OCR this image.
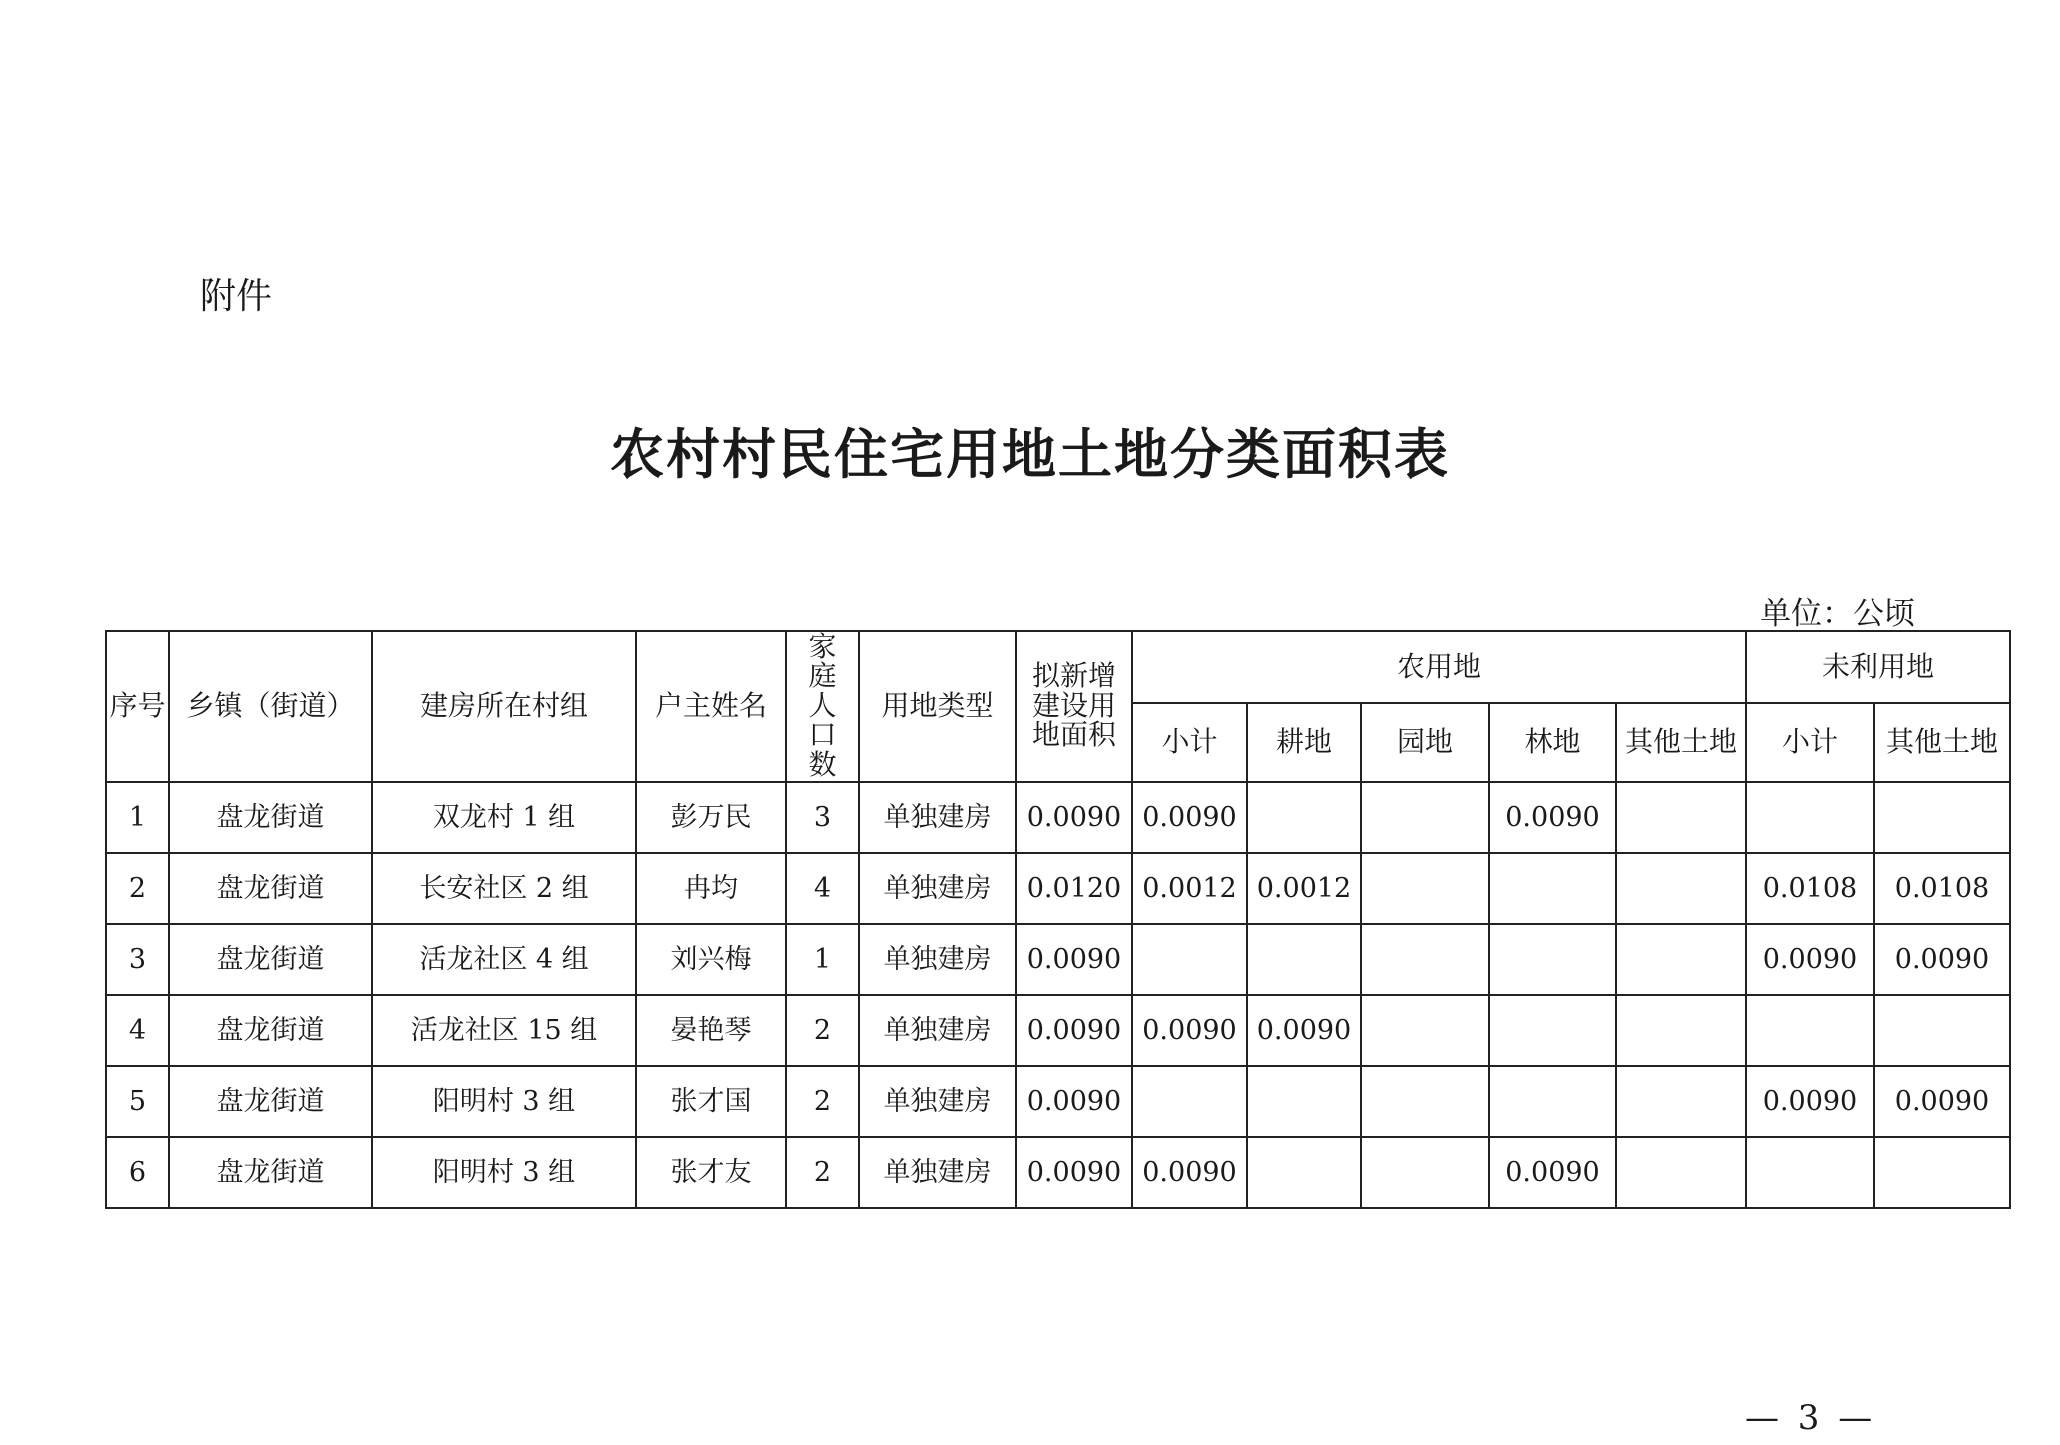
附件
农村村民住宅用地土地分类面积表
单位：公顷
序号	乡镇（街道）	建房所在村组	户主姓名	家庭人口数	用地类型	拟新增建设用地面积	农用地					未利用地	
							小计	耕地	园地	林地	其他土地	小计	其他土地
1	盘龙街道	双龙村 1 组	彭万民	3	单独建房	0.0090	0.0090			0.0090			
2	盘龙街道	长安社区 2 组	冉均	4	单独建房	0.0120	0.0012	0.0012				0.0108	0.0108
3	盘龙街道	活龙社区 4 组	刘兴梅	1	单独建房	0.0090						0.0090	0.0090
4	盘龙街道	活龙社区 15 组	晏艳琴	2	单独建房	0.0090	0.0090	0.0090					
5	盘龙街道	阳明村 3 组	张才国	2	单独建房	0.0090						0.0090	0.0090
6	盘龙街道	阳明村 3 组	张才友	2	单独建房	0.0090	0.0090			0.0090			
— 3 —
